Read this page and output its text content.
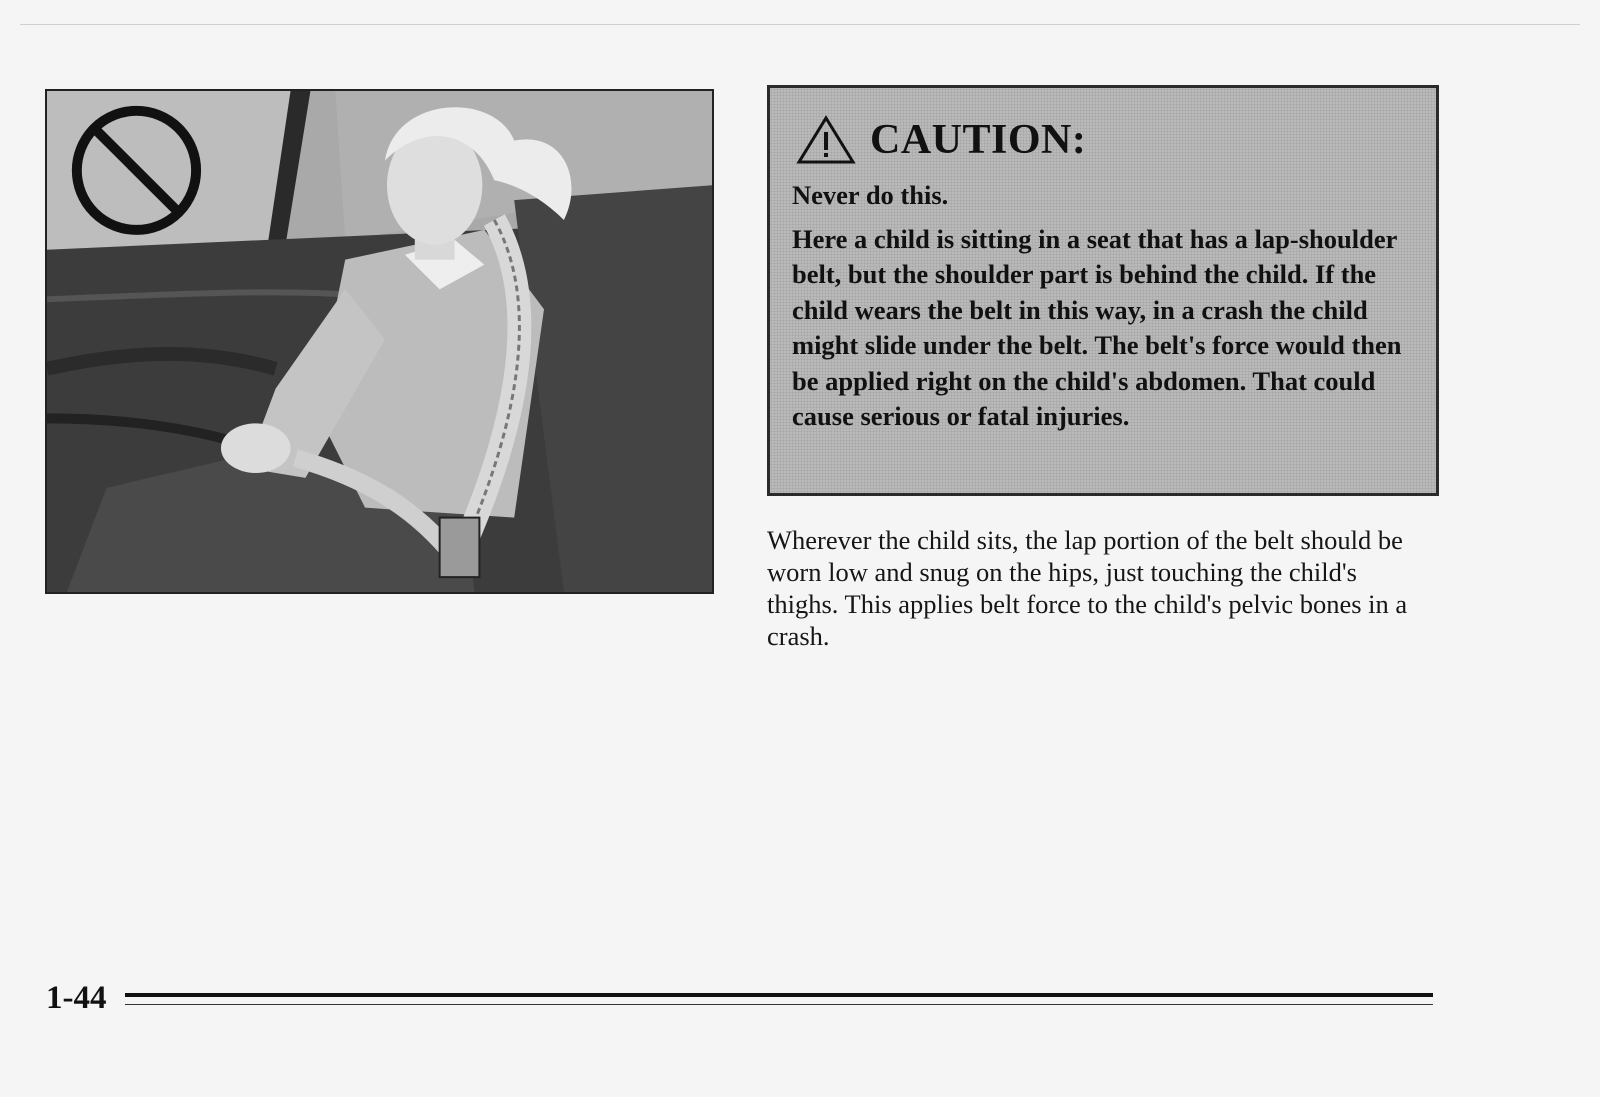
CAUTION:

Never do this.

Here a child is sitting in a seat that has a lap-shoulder belt, but the shoulder part is behind the child. If the child wears the belt in this way, in a crash the child might slide under the belt. The belt's force would then be applied right on the child's abdomen. That could cause serious or fatal injuries.

Wherever the child sits, the lap portion of the belt should be worn low and snug on the hips, just touching the child's thighs. This applies belt force to the child's pelvic bones in a crash.

1-44
